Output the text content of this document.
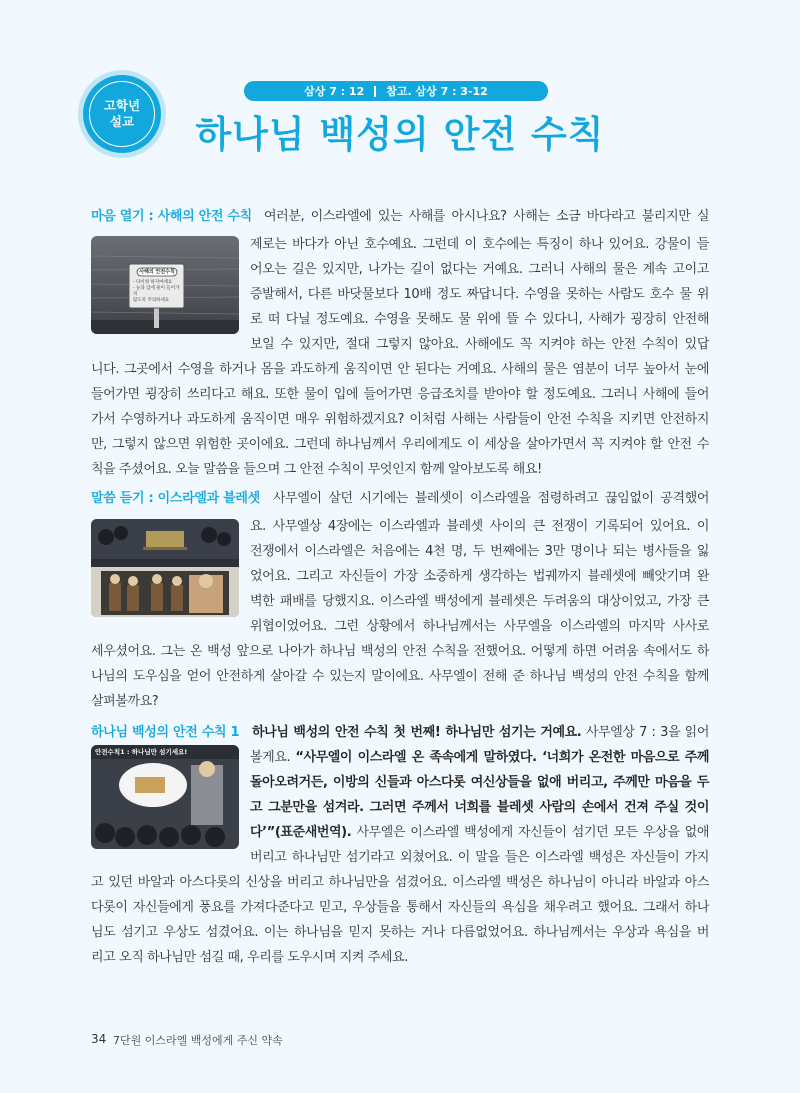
고학년
설교
삼상 7 : 12 참고. 삼상 7 : 3-12
하나님 백성의 안전 수칙
마음 열기 : 사해의 안전 수칙 여러분, 이스라엘에 있는 사해를 아시나요? 사해는 소금 바다라고 불리지만 실
제로는 바다가 아닌 호수예요. 그런데 이 호수에는 특징이 하나 있어요. 강물이 들
어오는 길은 있지만, 나가는 길이 없다는 거예요. 그러니 사해의 물은 계속 고이고
증발해서, 다른 바닷물보다 10배 정도 짜답니다. 수영을 못하는 사람도 호수 물 위
로 떠 다닐 정도예요. 수영을 못해도 물 위에 뜰 수 있다니, 사해가 굉장히 안전해
보일 수 있지만, 절대 그렇지 않아요. 사해에도 꼭 지켜야 하는 안전 수칙이 있답
니다. 그곳에서 수영을 하거나 몸을 과도하게 움직이면 안 된다는 거예요. 사해의 물은 염분이 너무 높아서 눈에
들어가면 굉장히 쓰리다고 해요. 또한 물이 입에 들어가면 응급조치를 받아야 할 정도예요. 그러니 사해에 들어
가서 수영하거나 과도하게 움직이면 매우 위험하겠지요? 이처럼 사해는 사람들이 안전 수칙을 지키면 안전하지
만, 그렇지 않으면 위험한 곳이에요. 그런데 하나님께서 우리에게도 이 세상을 살아가면서 꼭 지켜야 할 안전 수
칙을 주셨어요. 오늘 말씀을 들으며 그 안전 수칙이 무엇인지 함께 알아보도록 해요!
사해의 안전수칙
- 다이빙 하지마세요
- 눈과 입에 물이 들어가지
않도록 주의하세요
말씀 듣기 : 이스라엘과 블레셋 사무엘이 살던 시기에는 블레셋이 이스라엘을 점령하려고 끊임없이 공격했어
요. 사무엘상 4장에는 이스라엘과 블레셋 사이의 큰 전쟁이 기록되어 있어요. 이
전쟁에서 이스라엘은 처음에는 4천 명, 두 번째에는 3만 명이나 되는 병사들을 잃
었어요. 그리고 자신들이 가장 소중하게 생각하는 법궤까지 블레셋에 빼앗기며 완
벽한 패배를 당했지요. 이스라엘 백성에게 블레셋은 두려움의 대상이었고, 가장 큰
위협이었어요. 그런 상황에서 하나님께서는 사무엘을 이스라엘의 마지막 사사로
세우셨어요. 그는 온 백성 앞으로 나아가 하나님 백성의 안전 수칙을 전했어요. 어떻게 하면 어려움 속에서도 하
나님의 도우심을 얻어 안전하게 살아갈 수 있는지 말이에요. 사무엘이 전해 준 하나님 백성의 안전 수칙을 함께
살펴볼까요?
하나님 백성의 안전 수칙 1 하나님 백성의 안전 수칙 첫 번째! 하나님만 섬기는 거예요. 사무엘상 7 : 3을 읽어
볼게요. “사무엘이 이스라엘 온 족속에게 말하였다. ‘너희가 온전한 마음으로 주께
돌아오려거든, 이방의 신들과 아스다롯 여신상들을 없애 버리고, 주께만 마음을 두
고 그분만을 섬겨라. 그러면 주께서 너희를 블레셋 사람의 손에서 건져 주실 것이
다’”(표준새번역). 사무엘은 이스라엘 백성에게 자신들이 섬기던 모든 우상을 없애
버리고 하나님만 섬기라고 외쳤어요. 이 말을 들은 이스라엘 백성은 자신들이 가지
고 있던 바알과 아스다롯의 신상을 버리고 하나님만을 섬겼어요. 이스라엘 백성은 하나님이 아니라 바알과 아스
다롯이 자신들에게 풍요를 가져다준다고 믿고, 우상들을 통해서 자신들의 욕심을 채우려고 했어요. 그래서 하나
님도 섬기고 우상도 섬겼어요. 이는 하나님을 믿지 못하는 거나 다름없었어요. 하나님께서는 우상과 욕심을 버
리고 오직 하나님만 섬길 때, 우리를 도우시며 지켜 주세요.
안전수칙1 : 하나님만 섬기세요!
34 7단원 이스라엘 백성에게 주신 약속
